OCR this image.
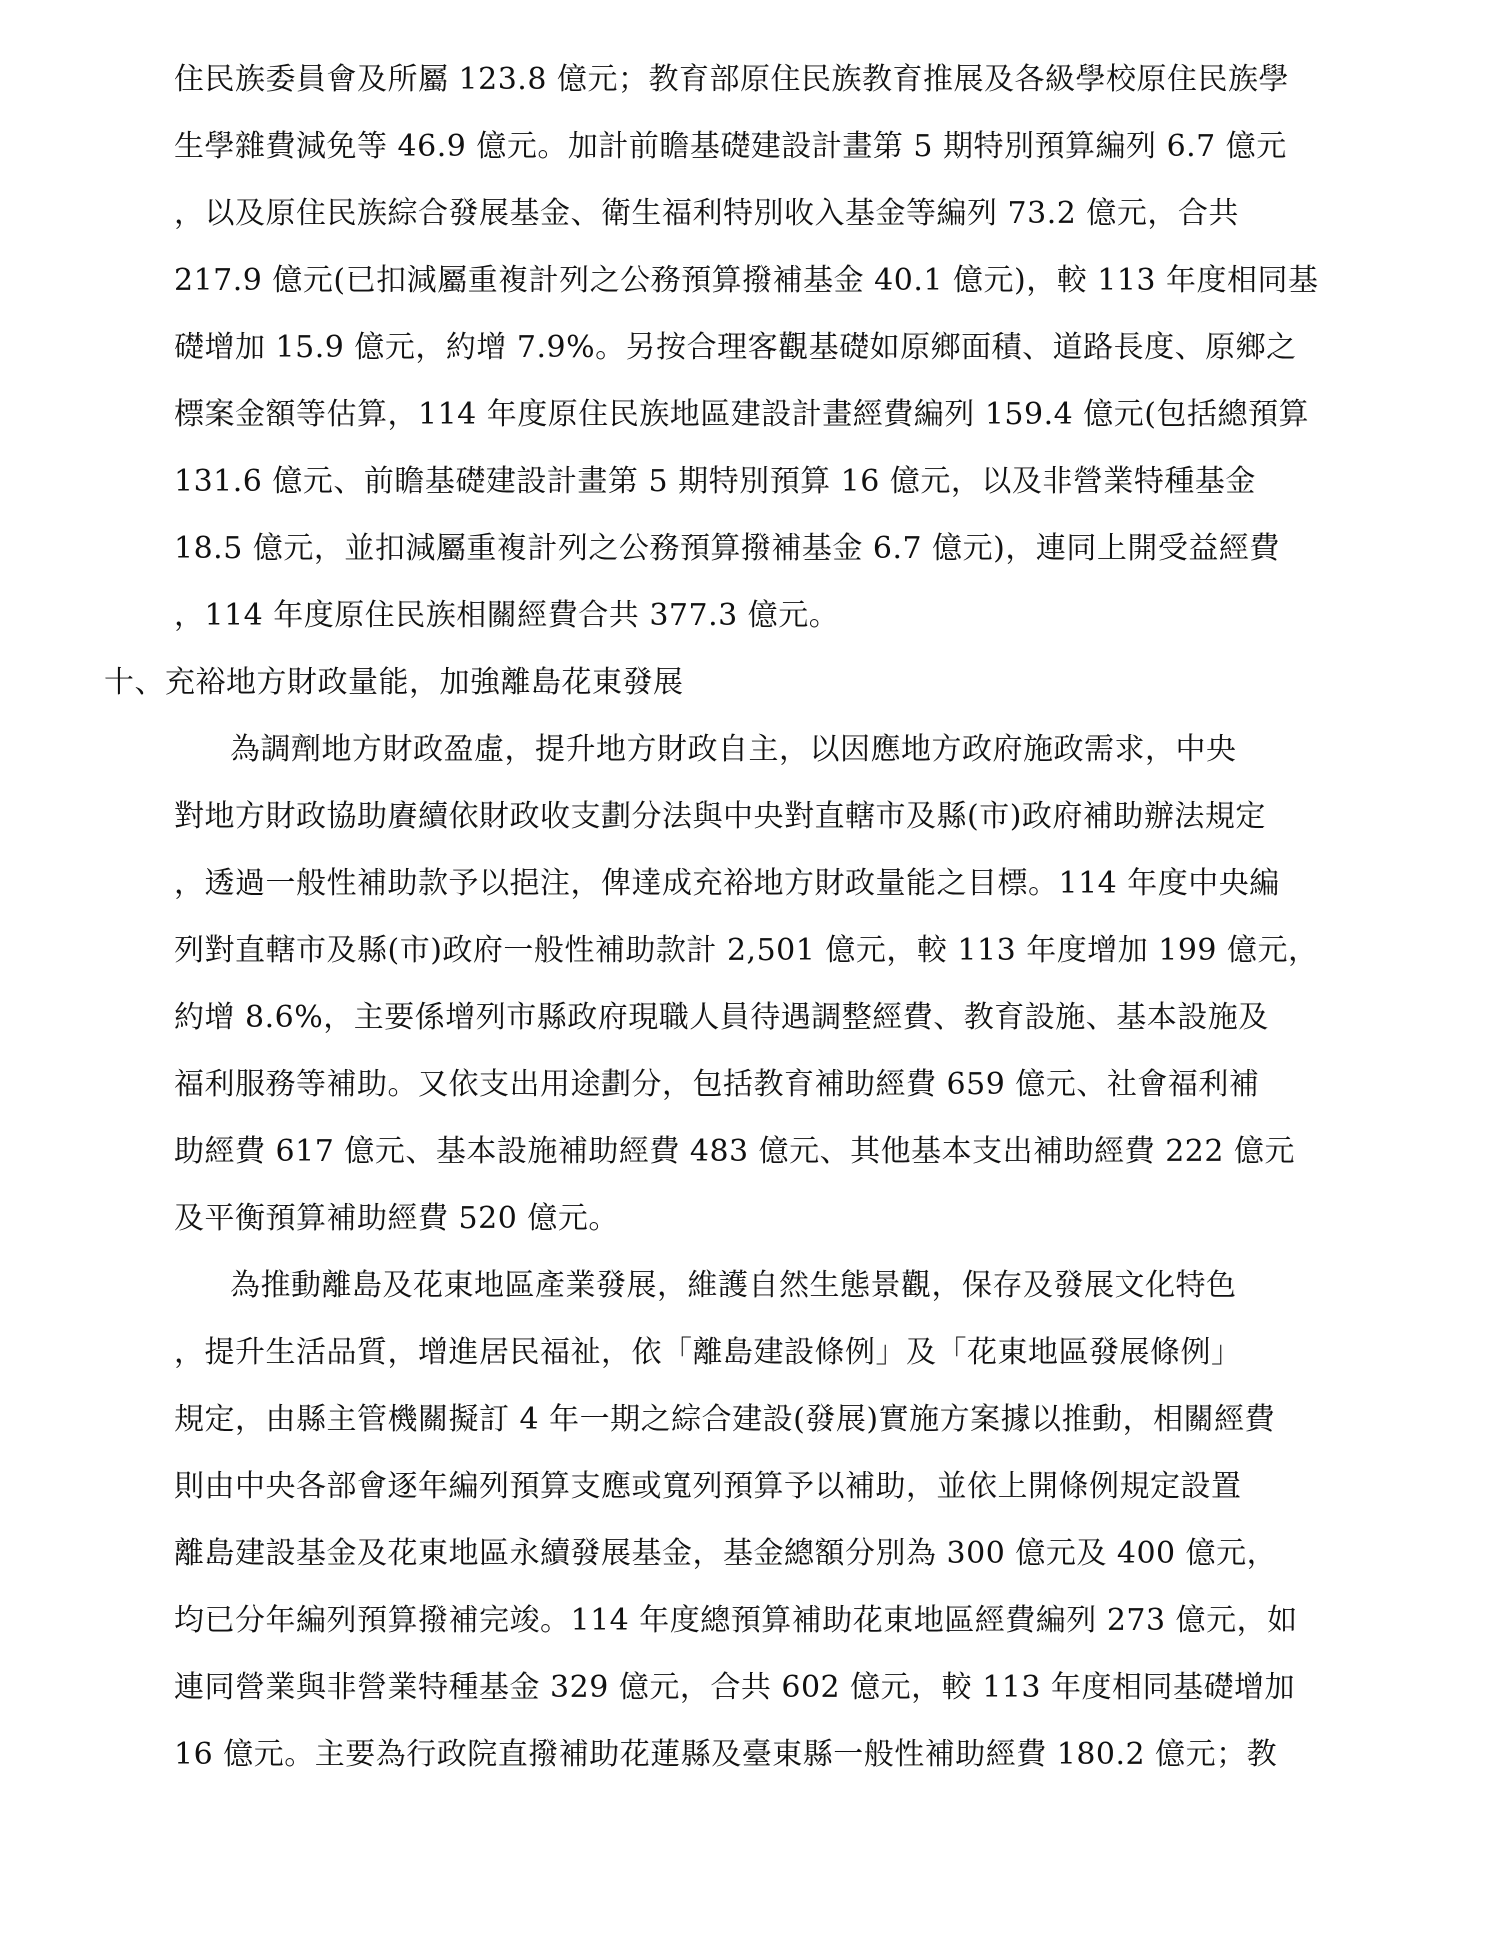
住民族委員會及所屬 123.8 億元；教育部原住民族教育推展及各級學校原住民族學
生學雜費減免等 46.9 億元。加計前瞻基礎建設計畫第 5 期特別預算編列 6.7 億元
，以及原住民族綜合發展基金、衛生福利特別收入基金等編列 73.2 億元，合共
217.9 億元(已扣減屬重複計列之公務預算撥補基金 40.1 億元)，較 113 年度相同基
礎增加 15.9 億元，約增 7.9%。另按合理客觀基礎如原鄉面積、道路長度、原鄉之
標案金額等估算，114 年度原住民族地區建設計畫經費編列 159.4 億元(包括總預算
131.6 億元、前瞻基礎建設計畫第 5 期特別預算 16 億元，以及非營業特種基金
18.5 億元，並扣減屬重複計列之公務預算撥補基金 6.7 億元)，連同上開受益經費
，114 年度原住民族相關經費合共 377.3 億元。
十、充裕地方財政量能，加強離島花東發展
為調劑地方財政盈虛，提升地方財政自主，以因應地方政府施政需求，中央
對地方財政協助賡續依財政收支劃分法與中央對直轄市及縣(市)政府補助辦法規定
，透過一般性補助款予以挹注，俾達成充裕地方財政量能之目標。114 年度中央編
列對直轄市及縣(市)政府一般性補助款計 2,501 億元，較 113 年度增加 199 億元，
約增 8.6%，主要係增列市縣政府現職人員待遇調整經費、教育設施、基本設施及
福利服務等補助。又依支出用途劃分，包括教育補助經費 659 億元、社會福利補
助經費 617 億元、基本設施補助經費 483 億元、其他基本支出補助經費 222 億元
及平衡預算補助經費 520 億元。
為推動離島及花東地區產業發展，維護自然生態景觀，保存及發展文化特色
，提升生活品質，增進居民福祉，依「離島建設條例」及「花東地區發展條例」
規定，由縣主管機關擬訂 4 年一期之綜合建設(發展)實施方案據以推動，相關經費
則由中央各部會逐年編列預算支應或寬列預算予以補助，並依上開條例規定設置
離島建設基金及花東地區永續發展基金，基金總額分別為 300 億元及 400 億元，
均已分年編列預算撥補完竣。114 年度總預算補助花東地區經費編列 273 億元，如
連同營業與非營業特種基金 329 億元，合共 602 億元，較 113 年度相同基礎增加
16 億元。主要為行政院直撥補助花蓮縣及臺東縣一般性補助經費 180.2 億元；教
